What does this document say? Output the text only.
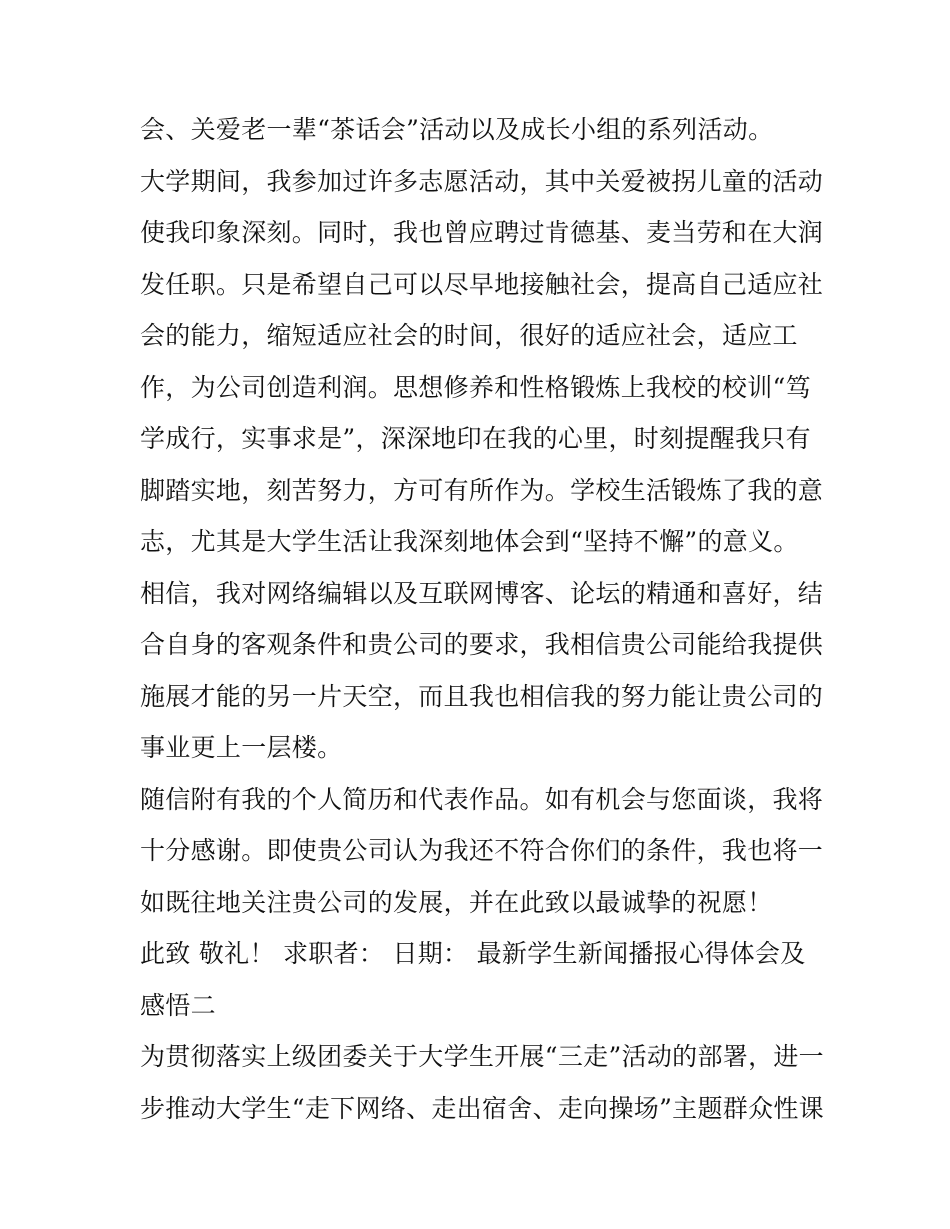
会、关爱老一辈“茶话会”活动以及成长小组的系列活动。
大学期间，我参加过许多志愿活动，其中关爱被拐儿童的活动
使我印象深刻。同时，我也曾应聘过肯德基、麦当劳和在大润
发任职。只是希望自己可以尽早地接触社会，提高自己适应社
会的能力，缩短适应社会的时间，很好的适应社会，适应工
作，为公司创造利润。思想修养和性格锻炼上我校的校训“笃
学成行，实事求是”，深深地印在我的心里，时刻提醒我只有
脚踏实地，刻苦努力，方可有所作为。学校生活锻炼了我的意
志，尤其是大学生活让我深刻地体会到“坚持不懈”的意义。
相信，我对网络编辑以及互联网博客、论坛的精通和喜好，结
合自身的客观条件和贵公司的要求，我相信贵公司能给我提供
施展才能的另一片天空，而且我也相信我的努力能让贵公司的
事业更上一层楼。
随信附有我的个人简历和代表作品。如有机会与您面谈，我将
十分感谢。即使贵公司认为我还不符合你们的条件，我也将一
如既往地关注贵公司的发展，并在此致以最诚挚的祝愿！
此致 敬礼！ 求职者： 日期： 最新学生新闻播报心得体会及
感悟二
为贯彻落实上级团委关于大学生开展“三走”活动的部署，进一
步推动大学生“走下网络、走出宿舍、走向操场”主题群众性课
